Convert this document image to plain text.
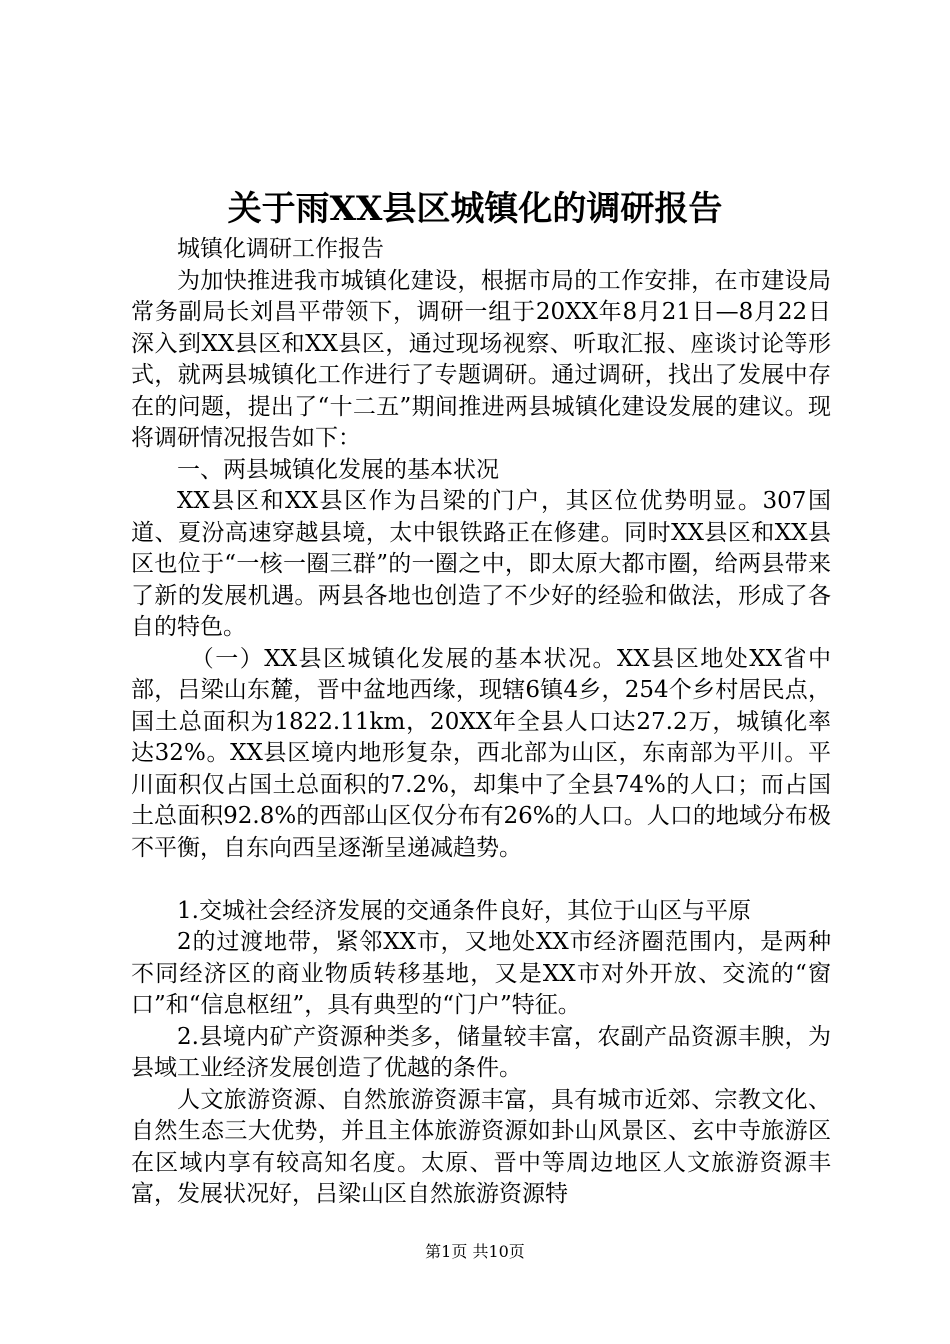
关于雨XX县区城镇化的调研报告

城镇化调研工作报告

为加快推进我市城镇化建设，根据市局的工作安排，在市建设局常务副局长刘昌平带领下，调研一组于20XX年8月21日—8月22日深入到XX县区和XX县区，通过现场视察、听取汇报、座谈讨论等形式，就两县城镇化工作进行了专题调研。通过调研，找出了发展中存在的问题，提出了“十二五”期间推进两县城镇化建设发展的建议。现将调研情况报告如下：

一、两县城镇化发展的基本状况

XX县区和XX县区作为吕梁的门户，其区位优势明显。307国道、夏汾高速穿越县境，太中银铁路正在修建。同时XX县区和XX县区也位于“一核一圈三群”的一圈之中，即太原大都市圈，给两县带来了新的发展机遇。两县各地也创造了不少好的经验和做法，形成了各自的特色。

（一）XX县区城镇化发展的基本状况。XX县区地处XX省中部，吕梁山东麓，晋中盆地西缘，现辖6镇4乡，254个乡村居民点，国土总面积为1822.11km，20XX年全县人口达27.2万，城镇化率达32%。XX县区境内地形复杂，西北部为山区，东南部为平川。平川面积仅占国土总面积的7.2%，却集中了全县74%的人口；而占国土总面积92.8%的西部山区仅分布有26%的人口。人口的地域分布极不平衡，自东向西呈逐渐呈递减趋势。

1.交城社会经济发展的交通条件良好，其位于山区与平原

2的过渡地带，紧邻XX市，又地处XX市经济圈范围内，是两种不同经济区的商业物质转移基地，又是XX市对外开放、交流的“窗口”和“信息枢纽”，具有典型的“门户”特征。

2.县境内矿产资源种类多，储量较丰富，农副产品资源丰腴，为县域工业经济发展创造了优越的条件。

人文旅游资源、自然旅游资源丰富，具有城市近郊、宗教文化、自然生态三大优势，并且主体旅游资源如卦山风景区、玄中寺旅游区在区域内享有较高知名度。太原、晋中等周边地区人文旅游资源丰富，发展状况好，吕梁山区自然旅游资源特

第1页 共10页
